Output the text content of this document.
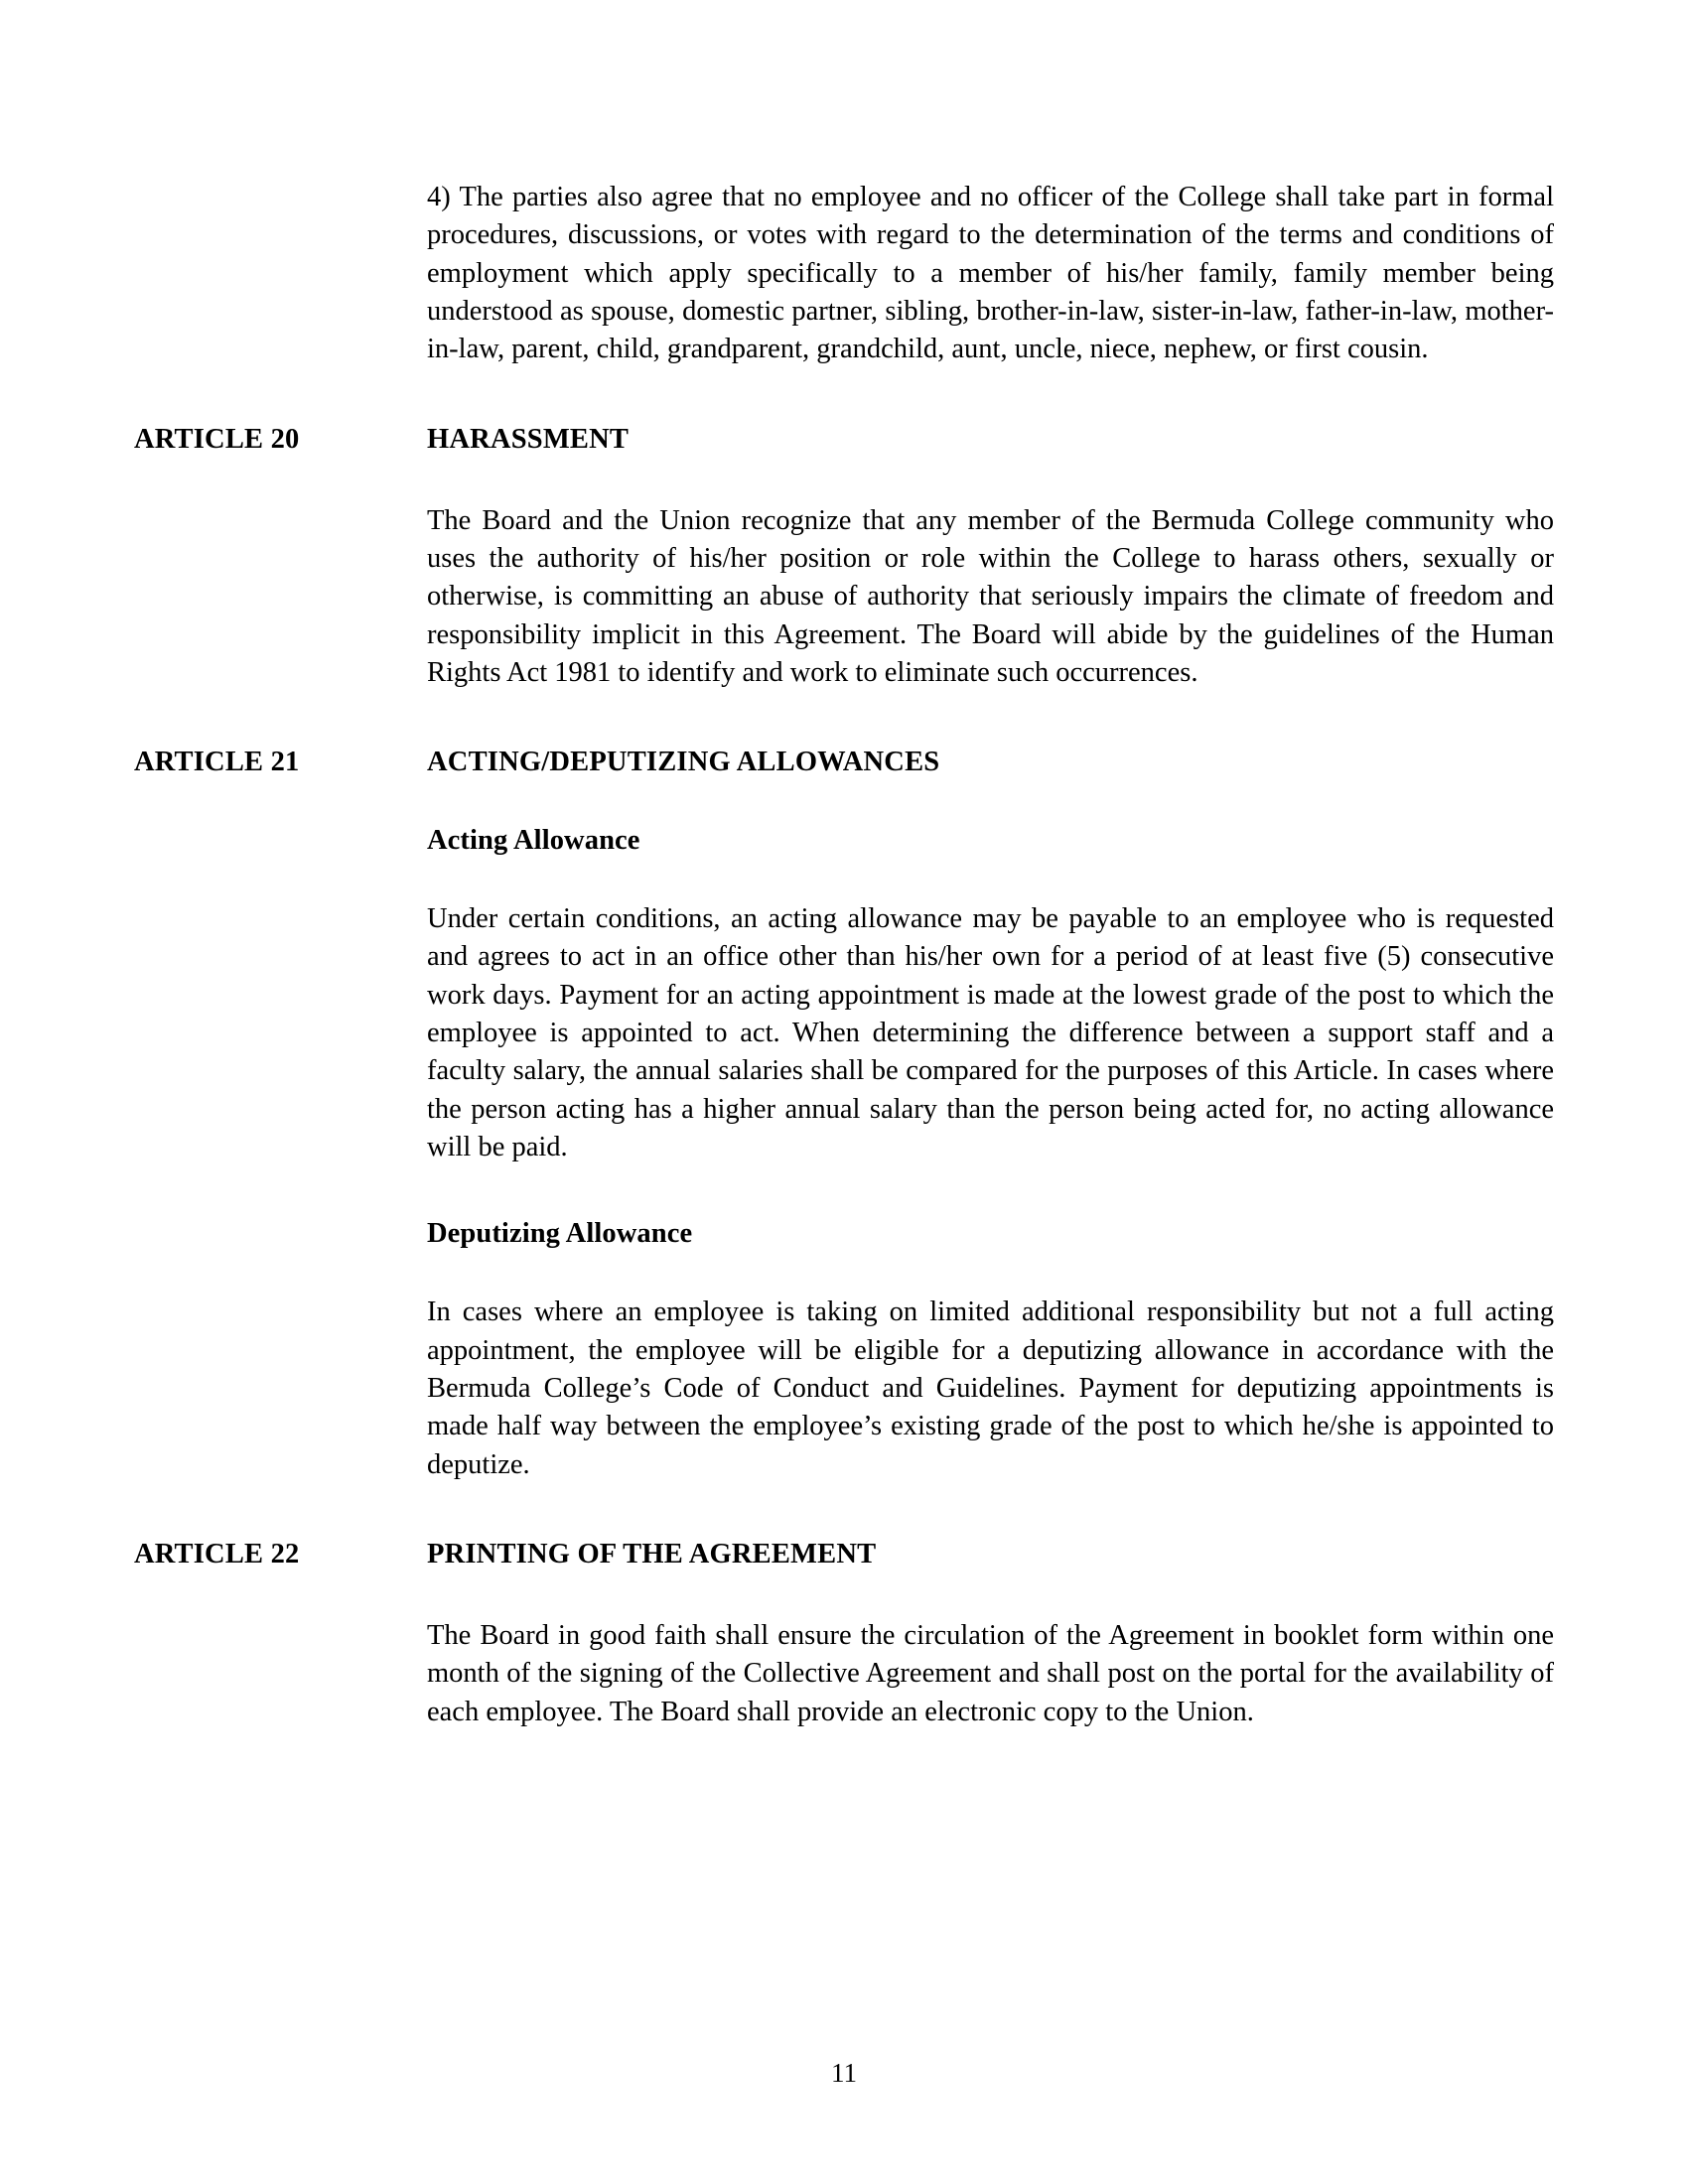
4) The parties also agree that no employee and no officer of the College shall take part in formal procedures, discussions, or votes with regard to the determination of the terms and conditions of employment which apply specifically to a member of his/her family, family member being understood as spouse, domestic partner, sibling, brother-in-law, sister-in-law, father-in-law, mother-in-law, parent, child, grandparent, grandchild, aunt, uncle, niece, nephew, or first cousin.

ARTICLE 20	HARASSMENT

The Board and the Union recognize that any member of the Bermuda College community who uses the authority of his/her position or role within the College to harass others, sexually or otherwise, is committing an abuse of authority that seriously impairs the climate of freedom and responsibility implicit in this Agreement. The Board will abide by the guidelines of the Human Rights Act 1981 to identify and work to eliminate such occurrences.

ARTICLE 21	ACTING/DEPUTIZING ALLOWANCES
Acting Allowance

Under certain conditions, an acting allowance may be payable to an employee who is requested and agrees to act in an office other than his/her own for a period of at least five (5) consecutive work days. Payment for an acting appointment is made at the lowest grade of the post to which the employee is appointed to act. When determining the difference between a support staff and a faculty salary, the annual salaries shall be compared for the purposes of this Article. In cases where the person acting has a higher annual salary than the person being acted for, no acting allowance will be paid.

Deputizing Allowance

In cases where an employee is taking on limited additional responsibility but not a full acting appointment, the employee will be eligible for a deputizing allowance in accordance with the Bermuda College’s Code of Conduct and Guidelines. Payment for deputizing appointments is made half way between the employee’s existing grade of the post to which he/she is appointed to deputize.

ARTICLE 22	PRINTING OF THE AGREEMENT

The Board in good faith shall ensure the circulation of the Agreement in booklet form within one month of the signing of the Collective Agreement and shall post on the portal for the availability of each employee. The Board shall provide an electronic copy to the Union.

11
